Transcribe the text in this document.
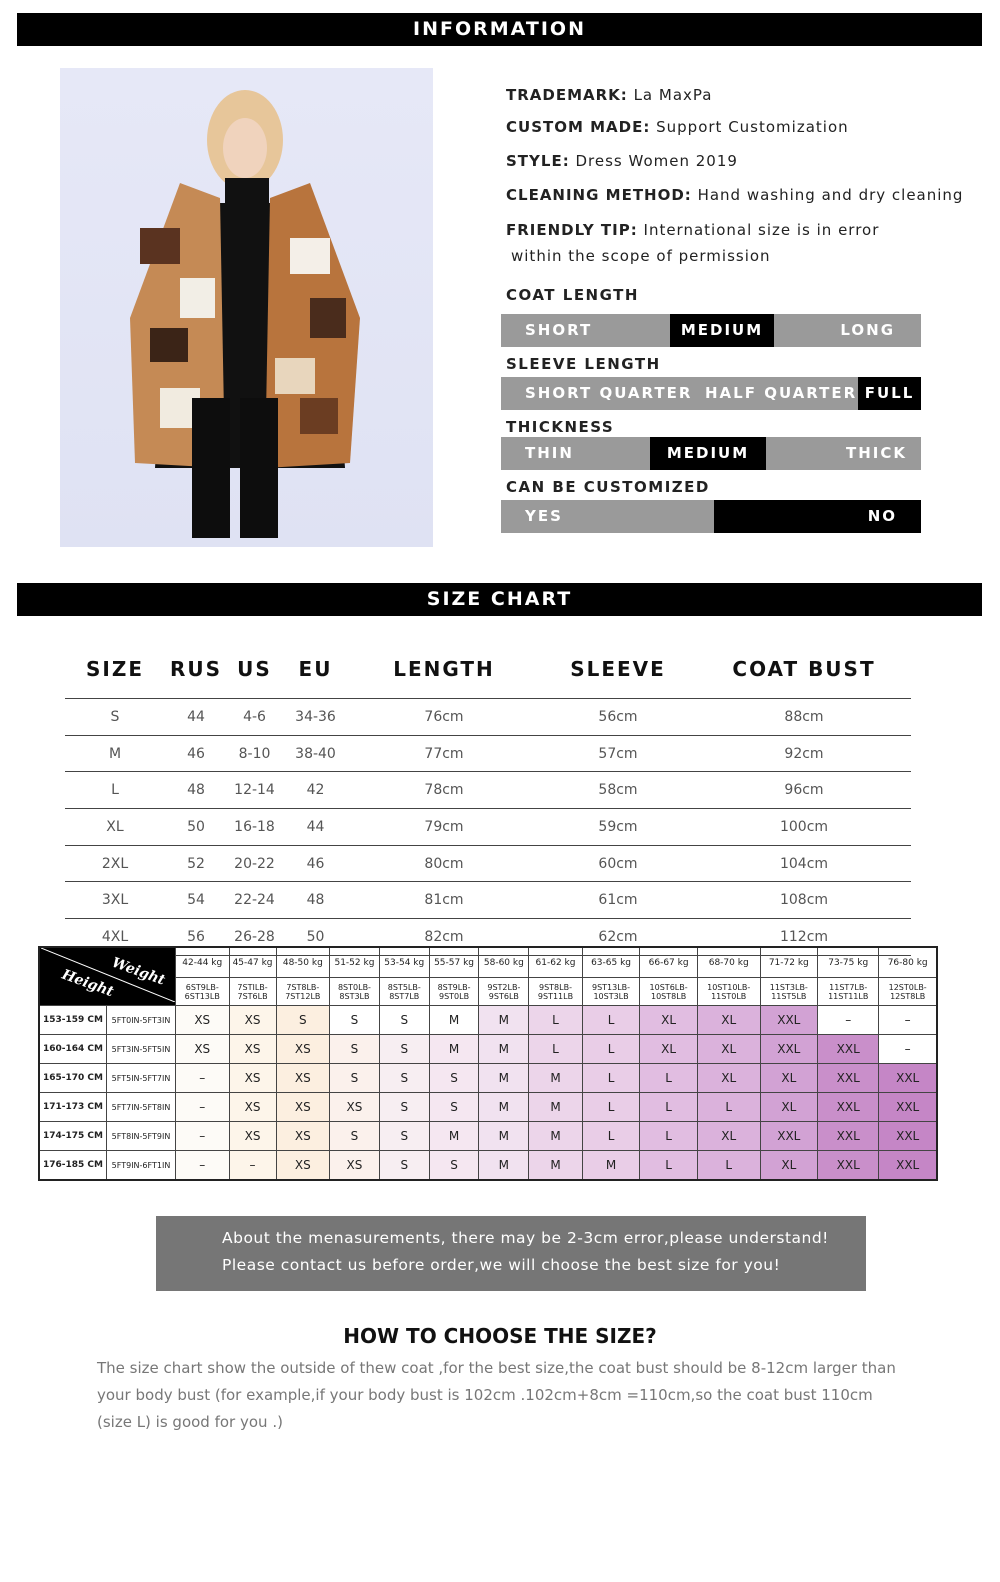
INFORMATION
TRADEMARK: La MaxPa
CUSTOM MADE: Support Customization
STYLE: Dress Women 2019
CLEANING METHOD: Hand washing and dry cleaning
FRIENDLY TIP: International size is in error
within the scope of permission
COAT LENGTH
SHORT	MEDIUM	LONG
SLEEVE LENGTH
SHORT QUARTER HALF QUARTER FULL
THICKNESS
THIN	MEDIUM	THICK
CAN BE CUSTOMIZED
YES	NO
SIZE CHART
SIZE	RUS	US	EU	LENGTH	SLEEVE	COAT BUST
S	44	4-6	34-36	76cm	56cm	88cm
M	46	8-10	38-40	77cm	57cm	92cm
L	48	12-14	42	78cm	58cm	96cm
XL	50	16-18	44	79cm	59cm	100cm
2XL	52	20-22	46	80cm	60cm	104cm
3XL	54	22-24	48	81cm	61cm	108cm
4XL	56	26-28	50	82cm	62cm	112cm
Weight
Height		42-44 kg	45-47 kg	48-50 kg	51-52 kg	53-54 kg	55-57 kg	58-60 kg	61-62 kg	63-65 kg	66-67 kg	68-70 kg	71-72 kg	73-75 kg	76-80 kg
		6ST9LB-6ST13LB	7STILB-7ST6LB	7ST8LB-7ST12LB	8ST0LB-8ST3LB	8ST5LB-8ST7LB	8ST9LB-9ST0LB	9ST2LB-9ST6LB	9ST8LB-9ST11LB	9ST13LB-10ST3LB	10ST6LB-10ST8LB	10ST10LB-11ST0LB	11ST3LB-11ST5LB	11ST7LB-11ST11LB	12ST0LB-12ST8LB
153-159 CM	5FT0IN-5FT3IN	XS	XS	S	S	S	M	M	L	L	XL	XL	XXL	–	–
160-164 CM	5FT3IN-5FT5IN	XS	XS	XS	S	S	M	M	L	L	XL	XL	XXL	XXL	–
165-170 CM	5FT5IN-5FT7IN	–	XS	XS	S	S	S	M	M	L	L	XL	XL	XXL	XXL
171-173 CM	5FT7IN-5FT8IN	–	XS	XS	XS	S	S	M	M	L	L	L	XL	XXL	XXL
174-175 CM	5FT8IN-5FT9IN	–	XS	XS	S	S	M	M	M	L	L	XL	XXL	XXL	XXL
176-185 CM	5FT9IN-6FT1IN	–	–	XS	XS	S	S	M	M	M	L	L	XL	XXL	XXL
About the menasurements, there may be 2-3cm error,please understand!
Please contact us before order,we will choose the best size for you!
HOW TO CHOOSE THE SIZE?
The size chart show the outside of thew coat ,for the best size,the coat bust should be 8-12cm larger than your body bust (for example,if your body bust is 102cm .102cm+8cm =110cm,so the coat bust 110cm (size L) is good for you .)
